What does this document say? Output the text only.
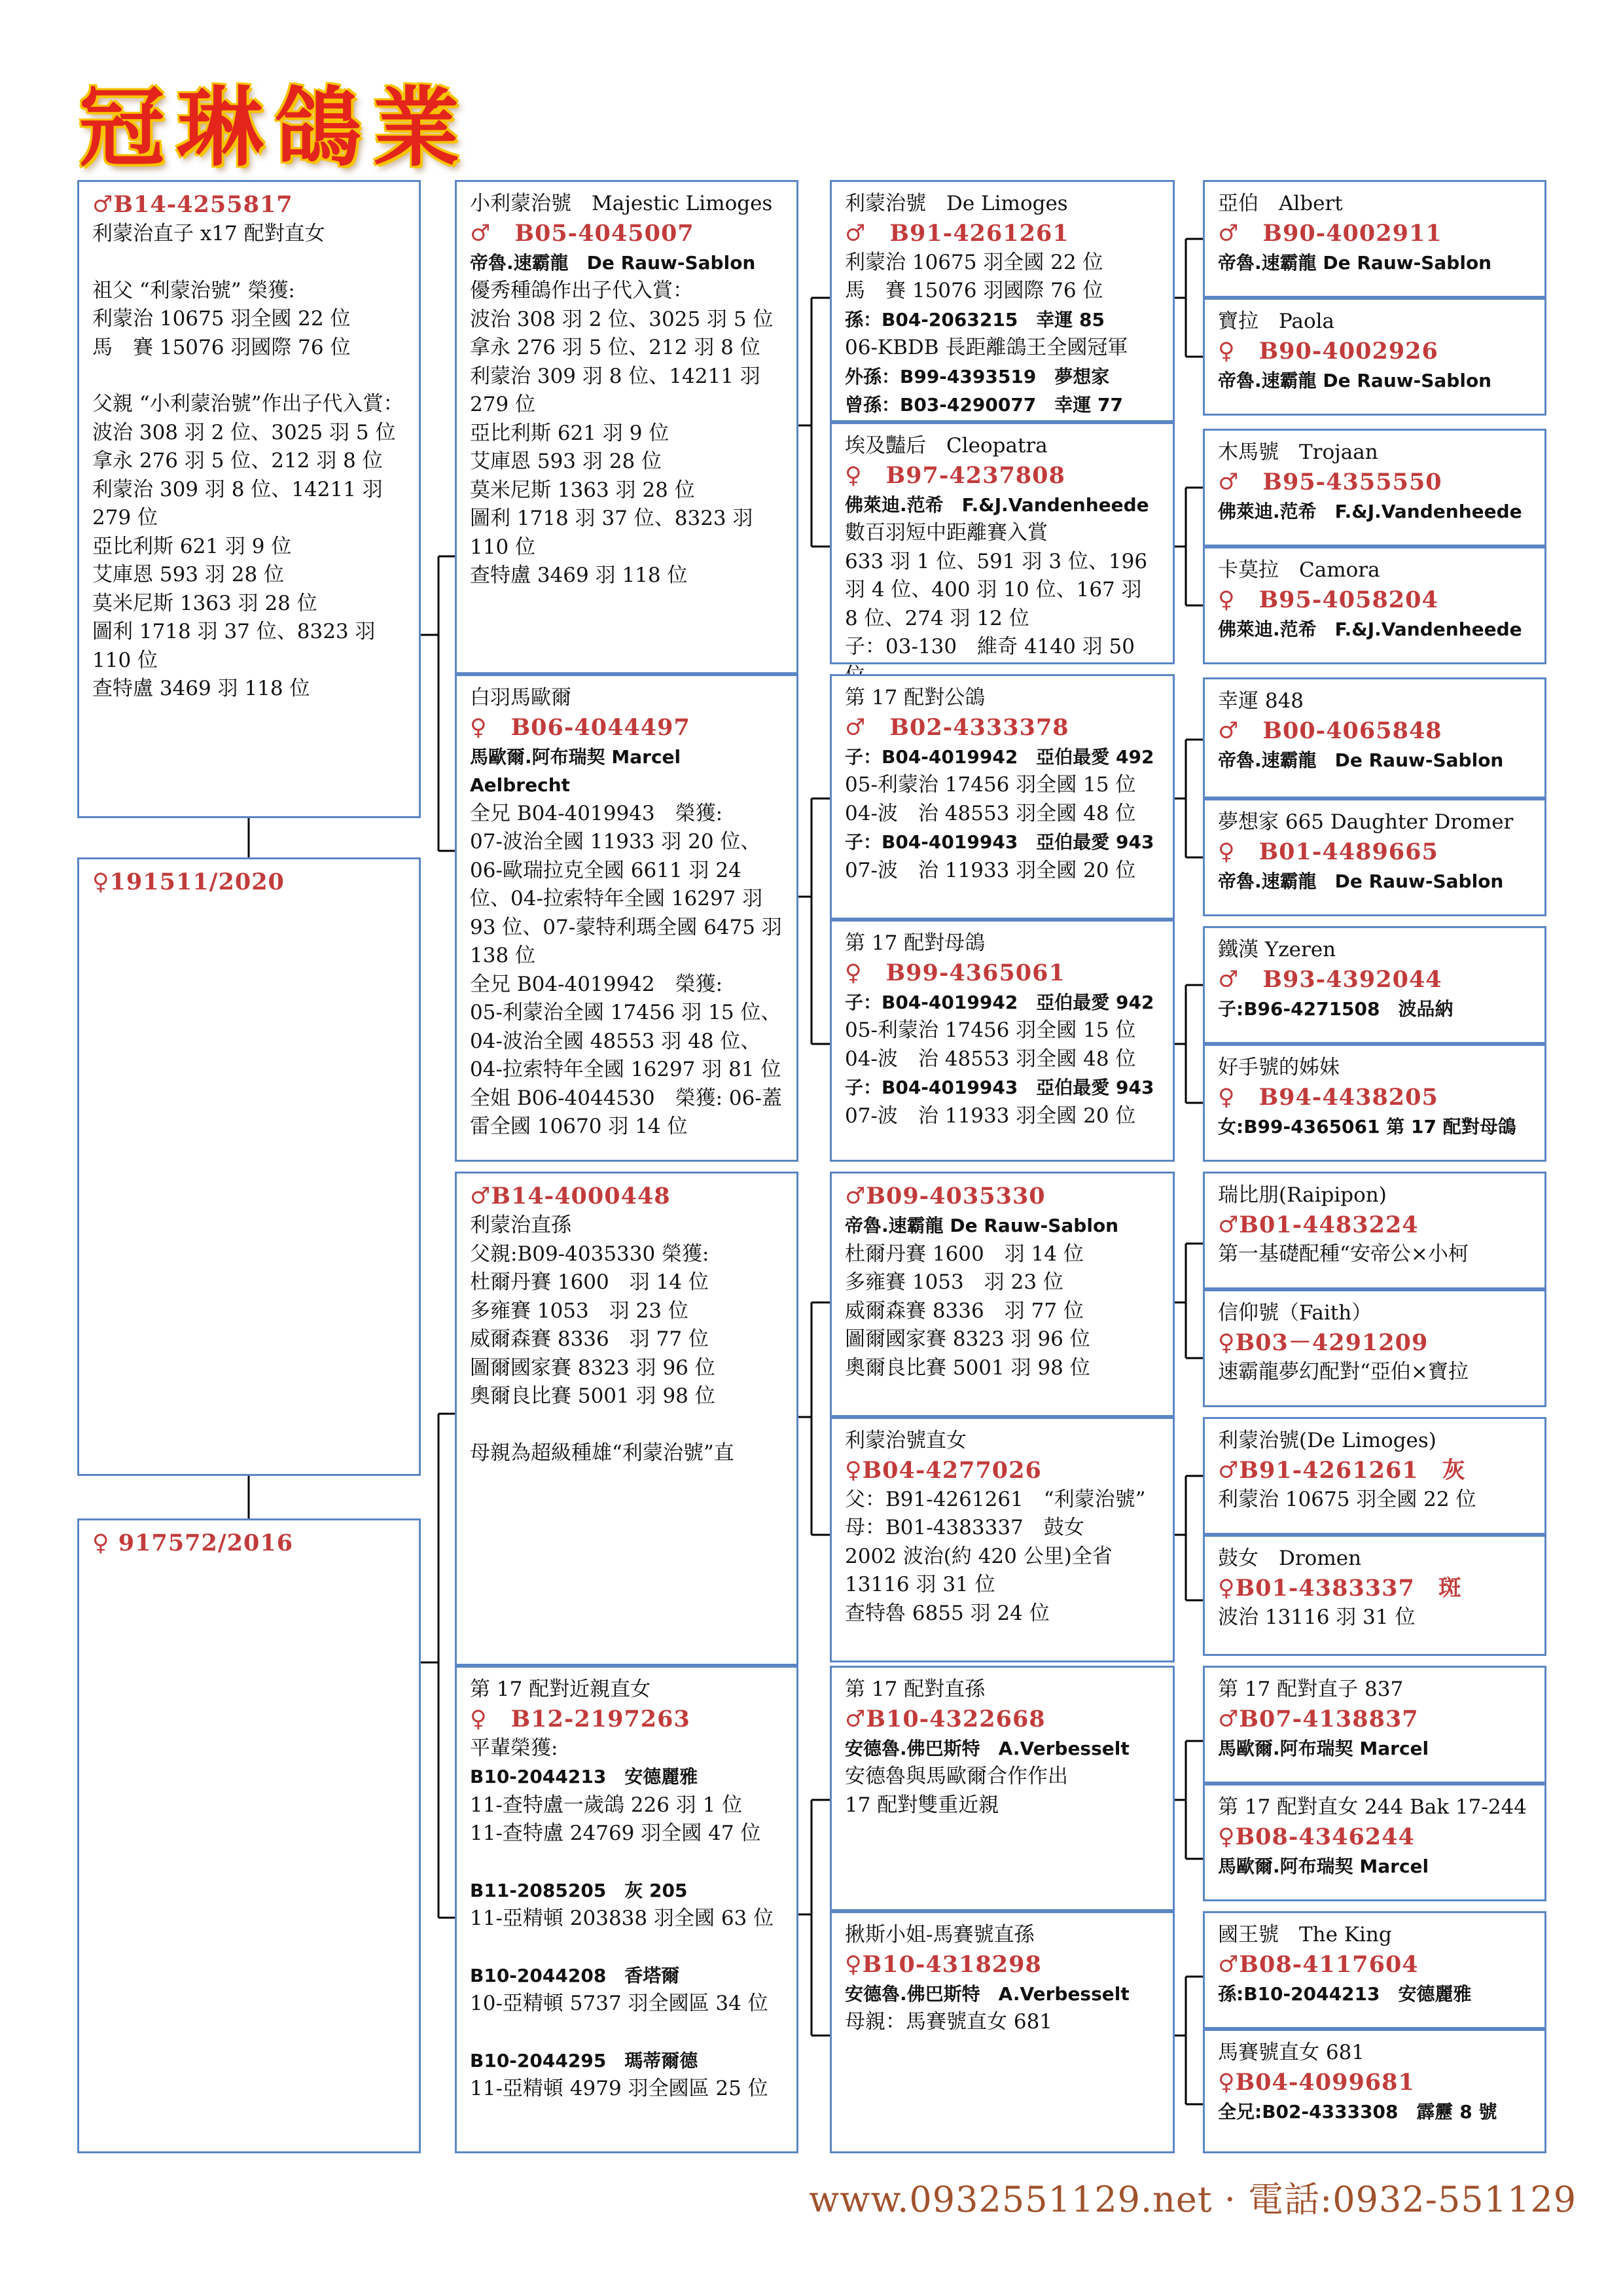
冠琳鴿業
♂B14-4255817
利蒙治直子 x17 配對直女
祖父 “利蒙治號” 榮獲:
利蒙治 10675 羽全國 22 位
馬　賽 15076 羽國際 76 位
父親 “小利蒙治號”作出子代入賞：
波治 308 羽 2 位、3025 羽 5 位
拿永 276 羽 5 位、212 羽 8 位
利蒙治 309 羽 8 位、14211 羽 279 位
亞比利斯 621 羽 9 位
艾庫恩 593 羽 28 位
莫米尼斯 1363 羽 28 位
圖利 1718 羽 37 位、8323 羽 110 位
查特盧 3469 羽 118 位
♀191511/2020
♀ 917572/2016
小利蒙治號　Majestic Limoges
♂　B05-4045007
帝魯.速霸龍　De Rauw-Sablon
優秀種鴿作出子代入賞：
波治 308 羽 2 位、3025 羽 5 位
拿永 276 羽 5 位、212 羽 8 位
利蒙治 309 羽 8 位、14211 羽 279 位
亞比利斯 621 羽 9 位
艾庫恩 593 羽 28 位
莫米尼斯 1363 羽 28 位
圖利 1718 羽 37 位、8323 羽 110 位
查特盧 3469 羽 118 位
白羽馬歐爾
♀　B06-4044497
馬歐爾.阿布瑞契 Marcel Aelbrecht
全兄 B04-4019943　榮獲:
07-波治全國 11933 羽 20 位、06-歐瑞拉克全國 6611 羽 24 位、04-拉索特年全國 16297 羽 93 位、07-蒙特利瑪全國 6475 羽 138 位
全兄 B04-4019942　榮獲:
05-利蒙治全國 17456 羽 15 位、04-波治全國 48553 羽 48 位、04-拉索特年全國 16297 羽 81 位
全姐 B06-4044530　榮獲: 06-蓋雷全國 10670 羽 14 位
♂B14-4000448
利蒙治直孫
父親:B09-4035330 榮獲:
杜爾丹賽 1600　羽 14 位
多雍賽 1053　羽 23 位
威爾森賽 8336　羽 77 位
圖爾國家賽 8323 羽 96 位
奧爾良比賽 5001 羽 98 位
母親為超級種雄“利蒙治號”直
第 17 配對近親直女
♀　B12-2197263
平輩榮獲:
B10-2044213　安德麗雅
11-查特盧一歲鴿 226 羽 1 位
11-查特盧 24769 羽全國 47 位
B11-2085205　灰 205
11-亞精頓 203838 羽全國 63 位
B10-2044208　香塔爾
10-亞精頓 5737 羽全國區 34 位
B10-2044295　瑪蒂爾德
11-亞精頓 4979 羽全國區 25 位
利蒙治號　De Limoges
♂　B91-4261261
利蒙治 10675 羽全國 22 位
馬　賽 15076 羽國際 76 位
孫：B04-2063215　幸運 85
06-KBDB 長距離鴿王全國冠軍
外孫：B99-4393519　夢想家
曾孫：B03-4290077　幸運 77
埃及豔后　Cleopatra
♀　B97-4237808
佛萊迪.范希　F.&J.Vandenheede
數百羽短中距離賽入賞
633 羽 1 位、591 羽 3 位、196 羽 4 位、400 羽 10 位、167 羽 8 位、274 羽 12 位
子：03-130　維奇 4140 羽 50
第 17 配對公鴿
♂　B02-4333378
子：B04-4019942　亞伯最愛 492
05-利蒙治 17456 羽全國 15 位
04-波　治 48553 羽全國 48 位
子：B04-4019943　亞伯最愛 943
07-波　治 11933 羽全國 20 位
第 17 配對母鴿
♀　B99-4365061
子：B04-4019942　亞伯最愛 942
05-利蒙治 17456 羽全國 15 位
04-波　治 48553 羽全國 48 位
子：B04-4019943　亞伯最愛 943
07-波　治 11933 羽全國 20 位
♂B09-4035330
帝魯.速霸龍 De Rauw-Sablon
杜爾丹賽 1600　羽 14 位
多雍賽 1053　羽 23 位
威爾森賽 8336　羽 77 位
圖爾國家賽 8323 羽 96 位
奧爾良比賽 5001 羽 98 位
利蒙治號直女
♀B04-4277026
父：B91-4261261　“利蒙治號”
母：B01-4383337　鼓女
2002 波治(約 420 公里)全省 13116 羽 31 位
查特魯 6855 羽 24 位
第 17 配對直孫
♂B10-4322668
安德魯.佛巴斯特　A.Verbesselt
安德魯與馬歐爾合作作出
17 配對雙重近親
揪斯小姐-馬賽號直孫
♀B10-4318298
安德魯.佛巴斯特　A.Verbesselt
母親：馬賽號直女 681
亞伯　Albert
♂　B90-4002911
帝魯.速霸龍 De Rauw-Sablon
寶拉　Paola
♀　B90-4002926
帝魯.速霸龍 De Rauw-Sablon
木馬號　Trojaan
♂　B95-4355550
佛萊迪.范希　F.&J.Vandenheede
卡莫拉　Camora
♀　B95-4058204
佛萊迪.范希　F.&J.Vandenheede
幸運 848
♂　B00-4065848
帝魯.速霸龍　De Rauw-Sablon
夢想家 665 Daughter Dromer
♀　B01-4489665
帝魯.速霸龍　De Rauw-Sablon
鐵漢 Yzeren
♂　B93-4392044
子:B96-4271508　波品納
好手號的姊妹
♀　B94-4438205
女:B99-4365061 第 17 配對母鴿
瑞比朋(Raipipon)
♂B01-4483224
第一基礎配種“安帝公×小柯
信仰號（Faith）
♀B03－4291209
速霸龍夢幻配對“亞伯×寶拉
利蒙治號(De Limoges)
♂B91-4261261　灰
利蒙治 10675 羽全國 22 位
鼓女　Dromen
♀B01-4383337　斑
波治 13116 羽 31 位
第 17 配對直子 837
♂B07-4138837
馬歐爾.阿布瑞契 Marcel
第 17 配對直女 244 Bak 17-244
♀B08-4346244
馬歐爾.阿布瑞契 Marcel
國王號　The King
♂B08-4117604
孫:B10-2044213　安德麗雅
馬賽號直女 681
♀B04-4099681
全兄:B02-4333308　霹靂 8 號
www.0932551129.net · 電話:0932-551129
